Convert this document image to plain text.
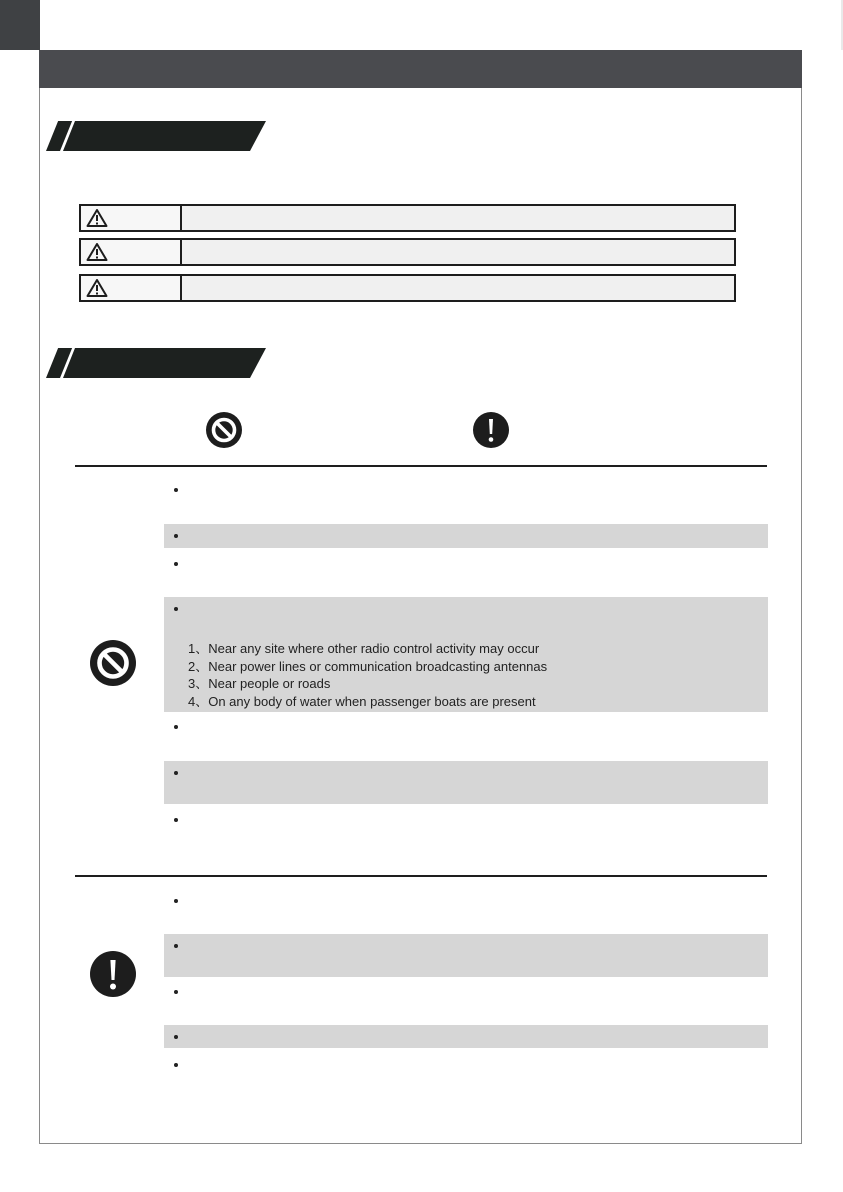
1、Near any site where other radio control activity may occur
2、Near power lines or communication broadcasting antennas
3、Near people or roads
4、On any body of water when passenger boats are present
